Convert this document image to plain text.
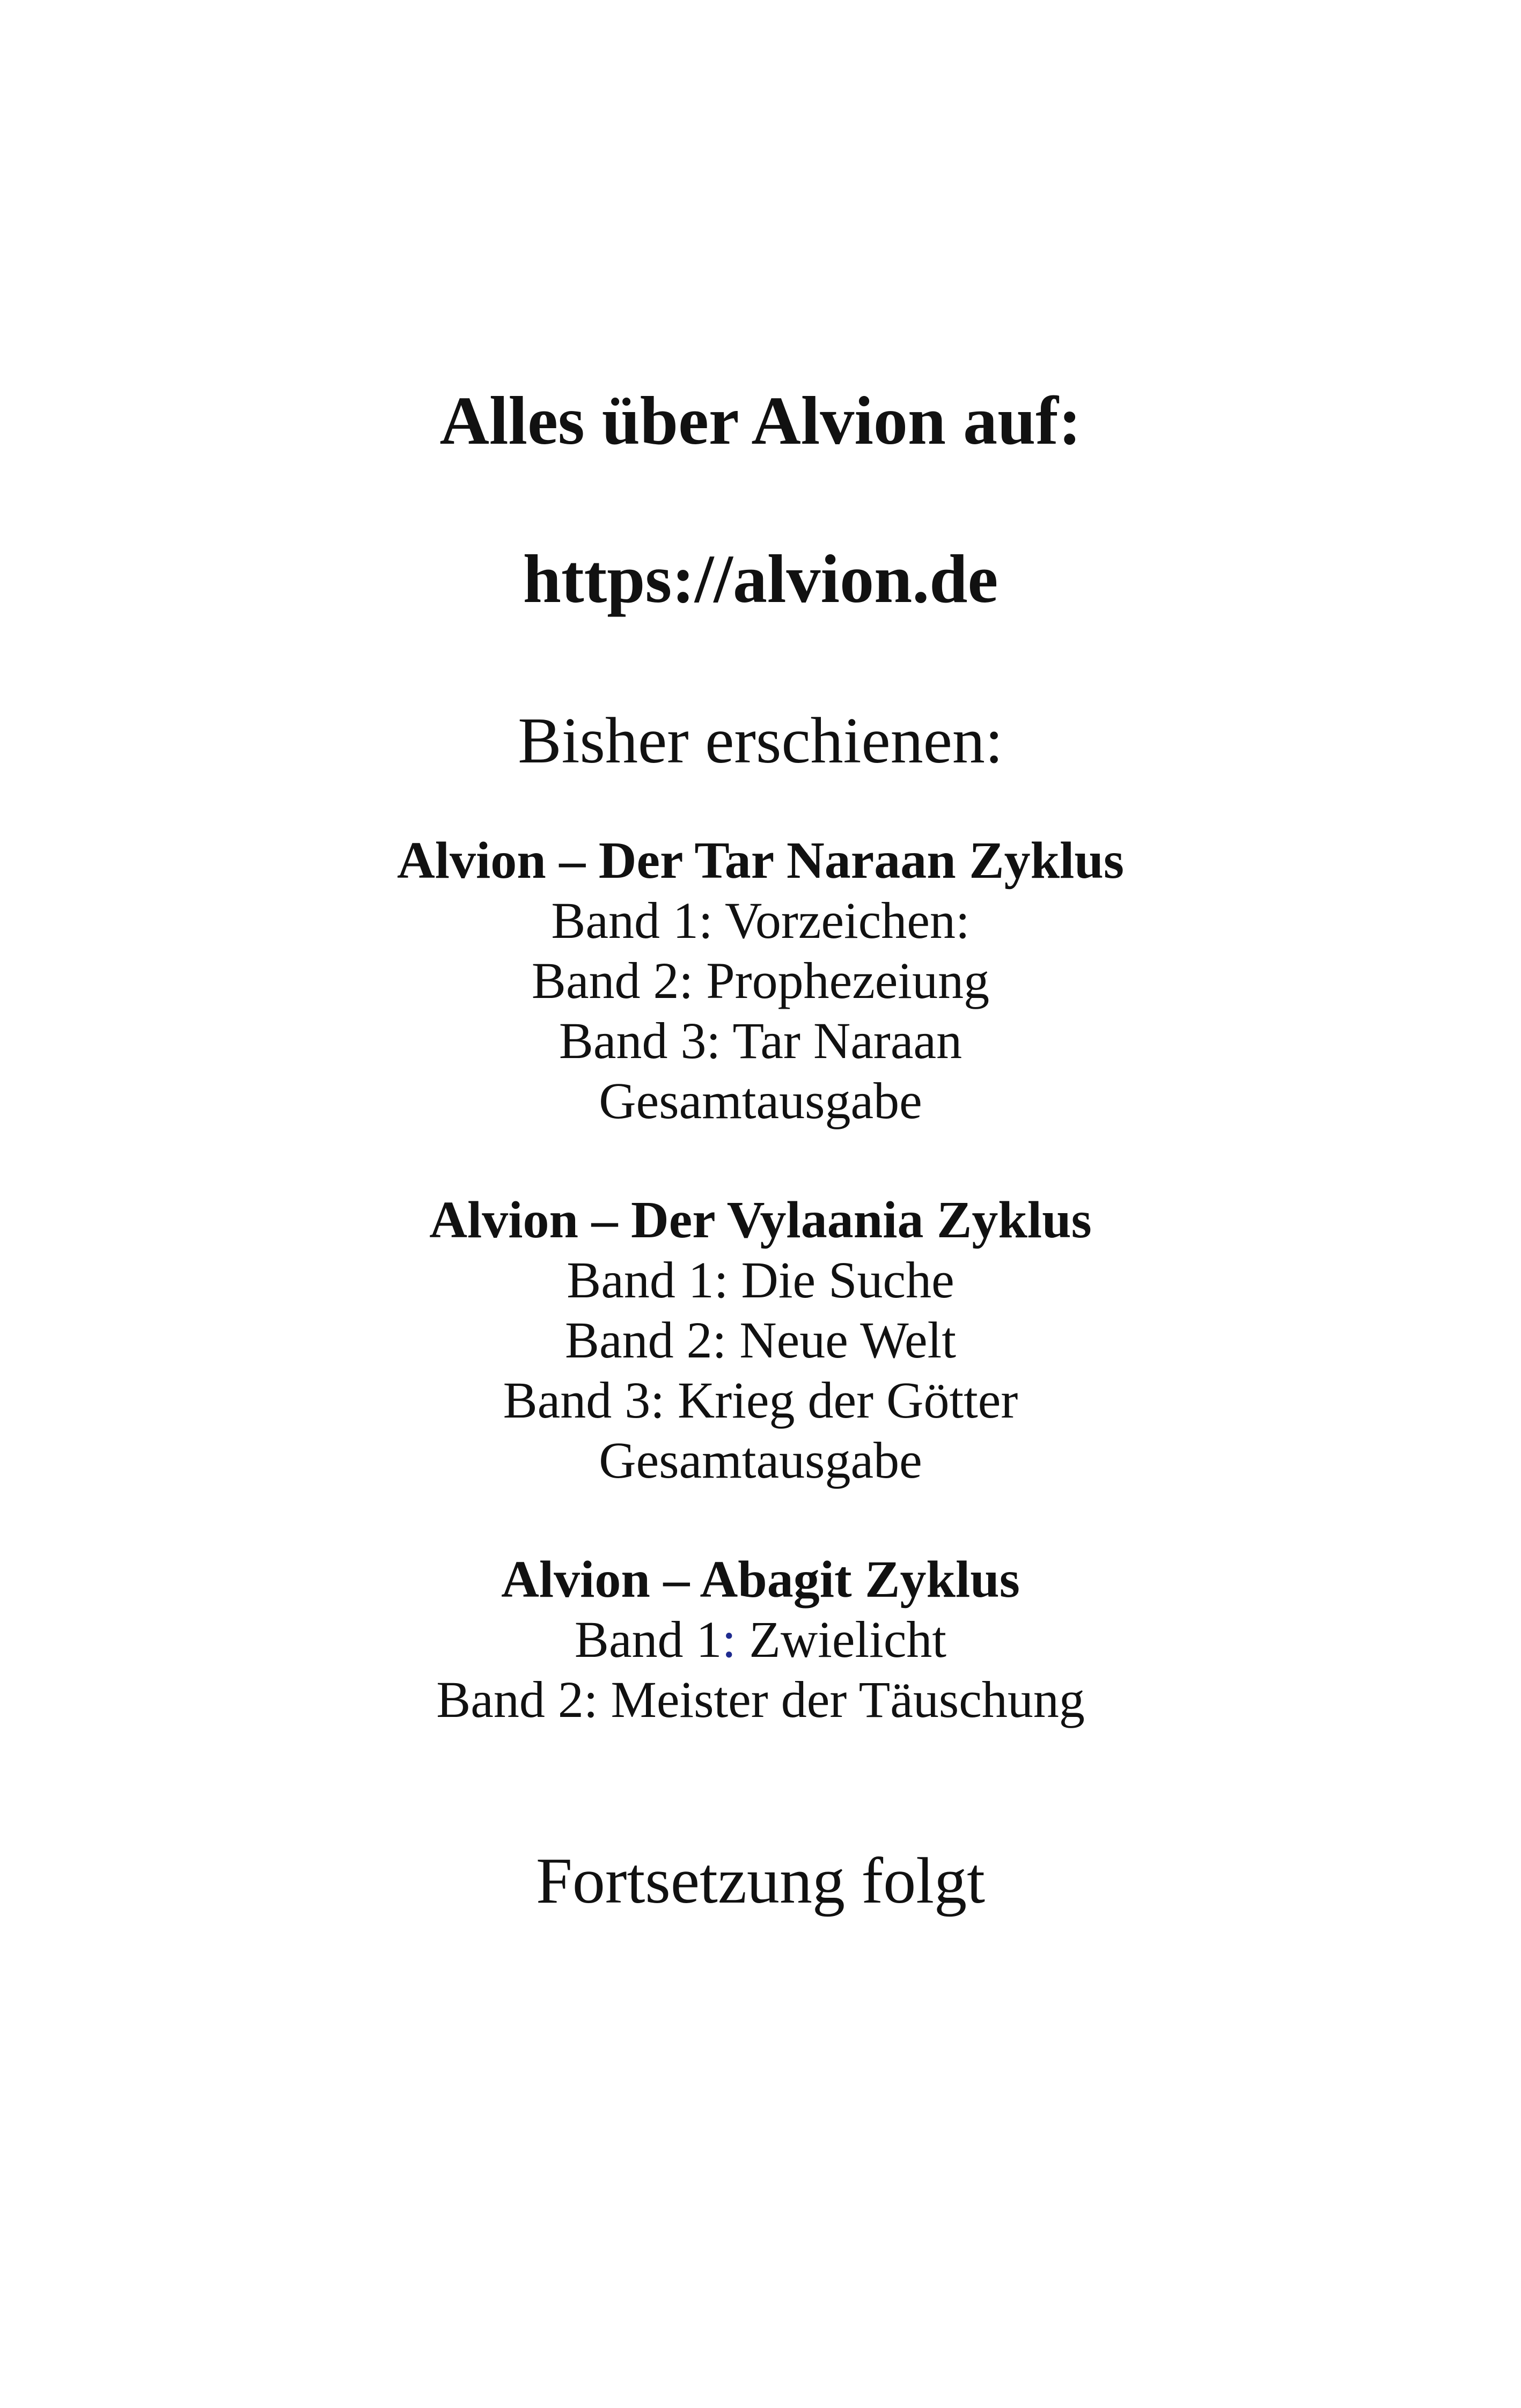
Alles über Alvion auf:
https://alvion.de
Bisher erschienen:
Alvion – Der Tar Naraan Zyklus
Band 1: Vorzeichen:
Band 2: Prophezeiung
Band 3: Tar Naraan
Gesamtausgabe
Alvion – Der Vylaania Zyklus
Band 1: Die Suche
Band 2: Neue Welt
Band 3: Krieg der Götter
Gesamtausgabe
Alvion – Abagit Zyklus
Band 1: Zwielicht
Band 2: Meister der Täuschung
Fortsetzung folgt
